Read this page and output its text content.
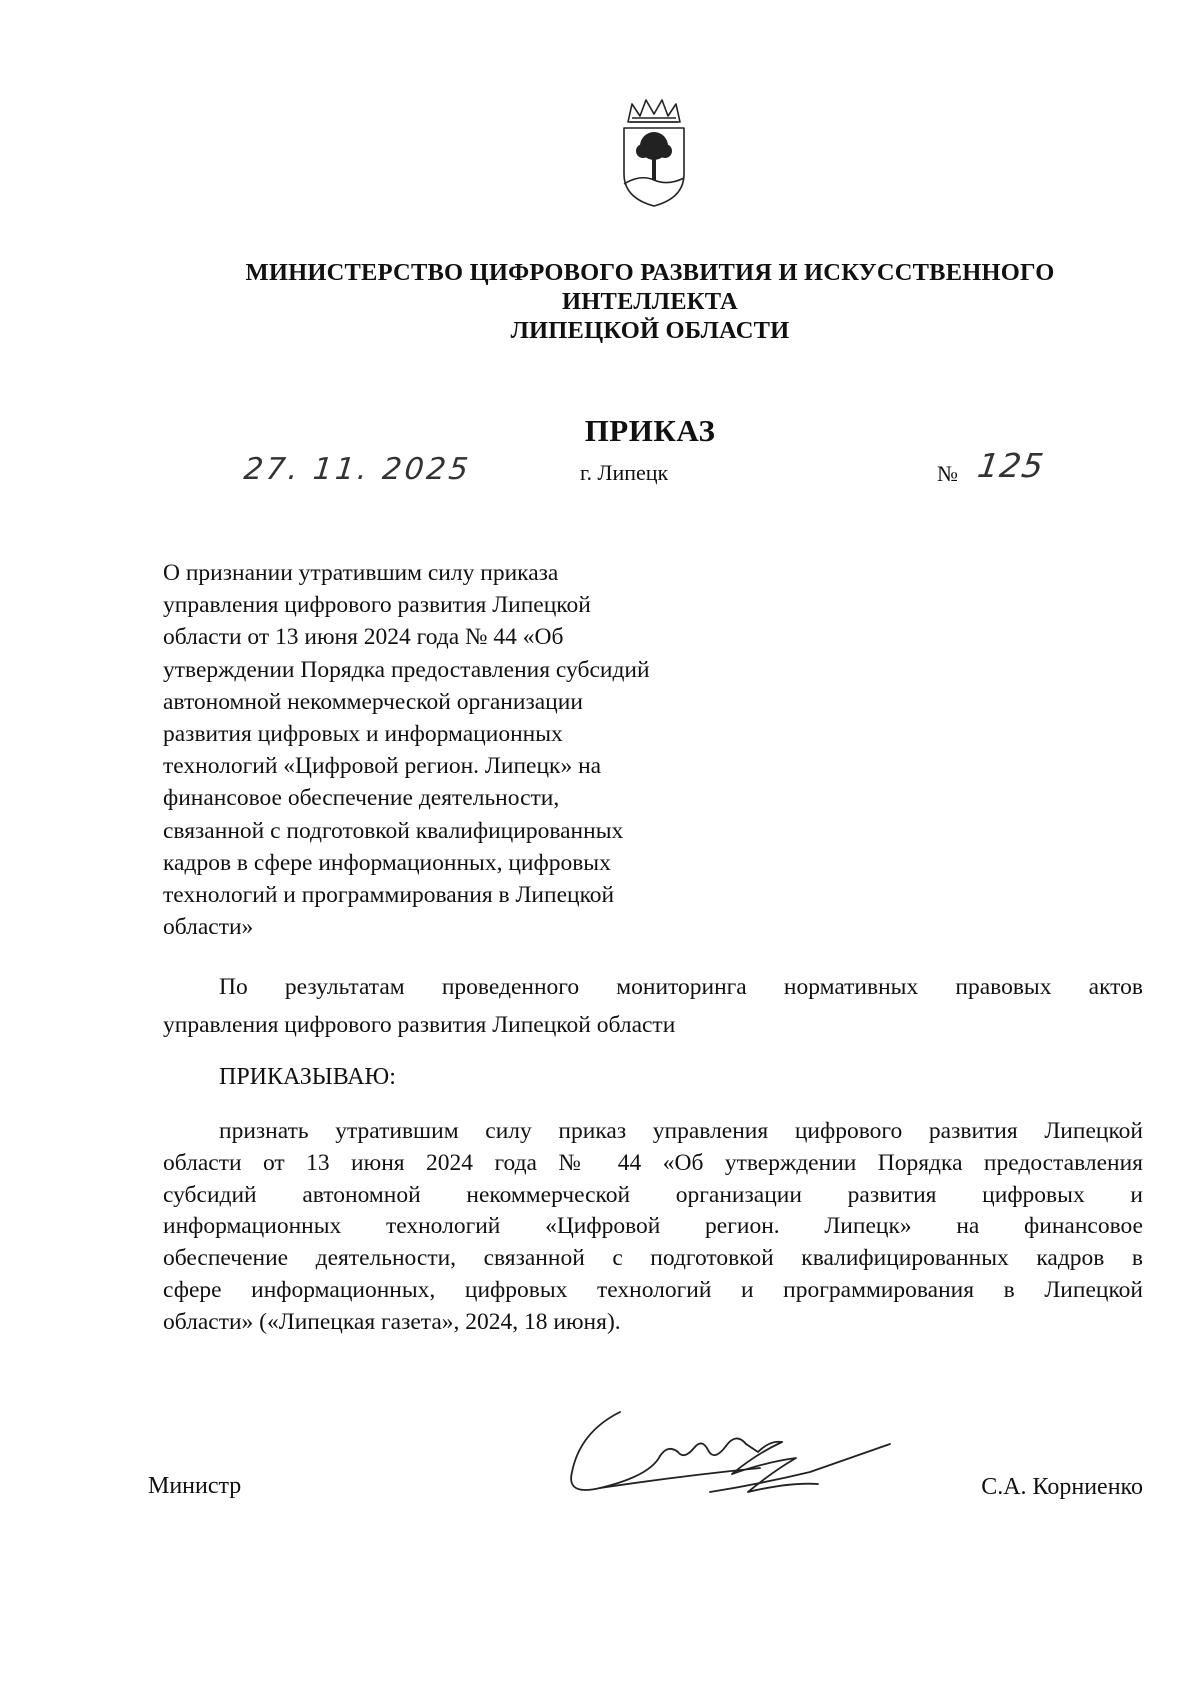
МИНИСТЕРСТВО ЦИФРОВОГО РАЗВИТИЯ И ИСКУССТВЕННОГО
ИНТЕЛЛЕКТА
ЛИПЕЦКОЙ ОБЛАСТИ
ПРИКАЗ
27. 11. 2025	г. Липецк	№ 125
О признании утратившим силу приказа
управления цифрового развития Липецкой
области от 13 июня 2024 года № 44 «Об
утверждении Порядка предоставления субсидий
автономной некоммерческой организации
развития цифровых и информационных
технологий «Цифровой регион. Липецк» на
финансовое обеспечение деятельности,
связанной с подготовкой квалифицированных
кадров в сфере информационных, цифровых
технологий и программирования в Липецкой
области»
По результатам проведенного мониторинга нормативных правовых актов
управления цифрового развития Липецкой области
ПРИКАЗЫВАЮ:
признать утратившим силу приказ управления цифрового развития Липецкой
области от 13 июня 2024 года № 44 «Об утверждении Порядка предоставления
субсидий автономной некоммерческой организации развития цифровых и
информационных технологий «Цифровой регион. Липецк» на финансовое
обеспечение деятельности, связанной с подготовкой квалифицированных кадров в
сфере информационных, цифровых технологий и программирования в Липецкой
области» («Липецкая газета», 2024, 18 июня).
Министр	С.А. Корниенко
